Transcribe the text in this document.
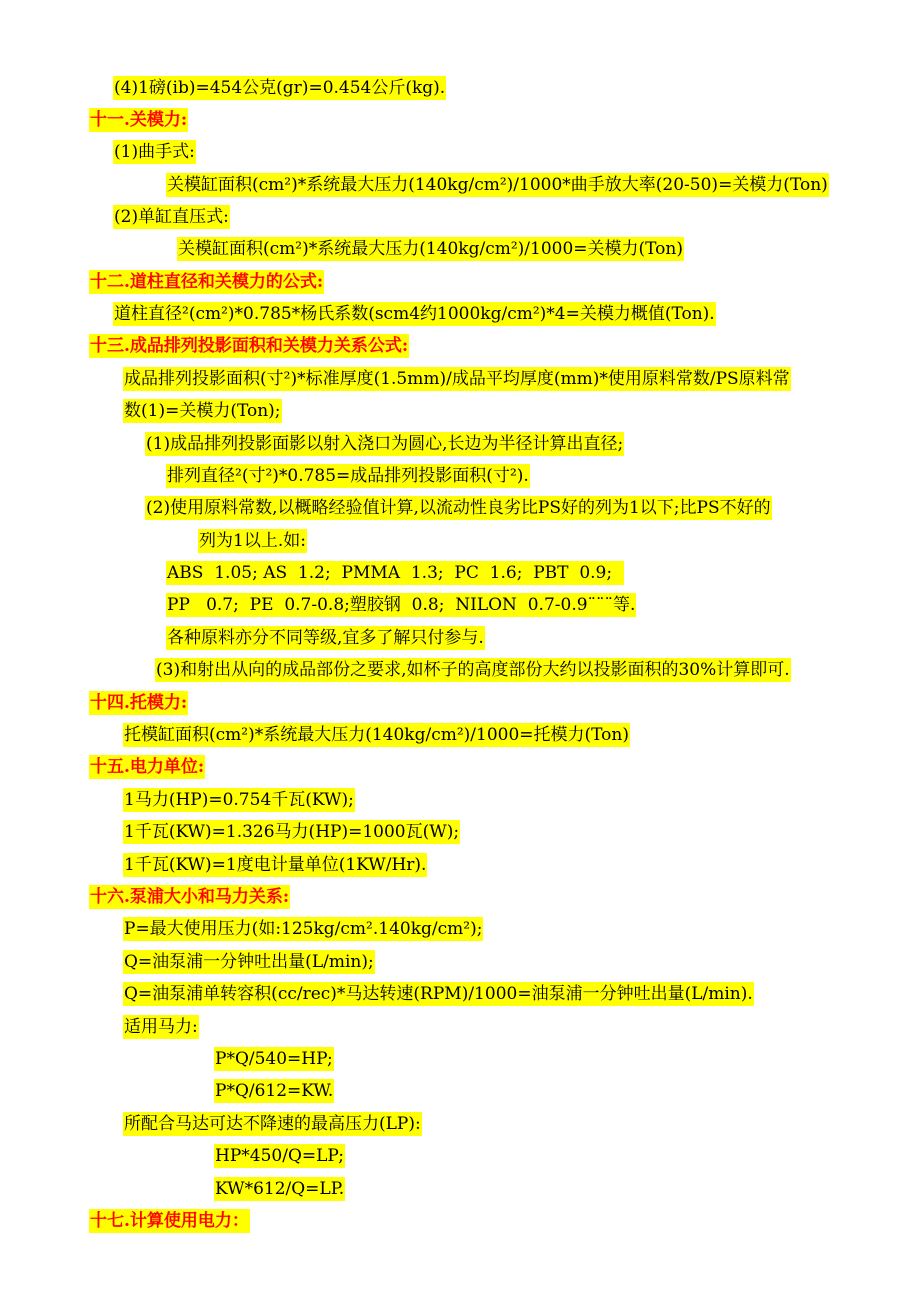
(4)1磅(ib)=454公克(gr)=0.454公斤(kg).
十一.关模力:
(1)曲手式:
关模缸面积(cm²)*系统最大压力(140kg/cm²)/1000*曲手放大率(20-50)=关模力(Ton)
(2)单缸直压式:
关模缸面积(cm²)*系统最大压力(140kg/cm²)/1000=关模力(Ton)
十二.道柱直径和关模力的公式:
道柱直径²(cm²)*0.785*杨氏系数(scm4约1000kg/cm²)*4=关模力概值(Ton).
十三.成品排列投影面积和关模力关系公式:
成品排列投影面积(寸²)*标准厚度(1.5mm)/成品平均厚度(mm)*使用原料常数/PS原料常
数(1)=关模力(Ton);
(1)成品排列投影面影以射入浇口为圆心,长边为半径计算出直径;
排列直径²(寸²)*0.785=成品排列投影面积(寸²).
(2)使用原料常数,以概略经验值计算,以流动性良劣比PS好的列为1以下;比PS不好的
列为1以上.如:
ABS  1.05; AS  1.2;  PMMA  1.3;  PC  1.6;  PBT  0.9;
PP   0.7;  PE  0.7-0.8;塑胶钢  0.8;  NILON  0.7-0.9¨¨¨等.
各种原料亦分不同等级,宜多了解只付参与.
(3)和射出从向的成品部份之要求,如杯子的高度部份大约以投影面积的30%计算即可.
十四.托模力:
托模缸面积(cm²)*系统最大压力(140kg/cm²)/1000=托模力(Ton)
十五.电力单位:
1马力(HP)=0.754千瓦(KW);
1千瓦(KW)=1.326马力(HP)=1000瓦(W);
1千瓦(KW)=1度电计量单位(1KW/Hr).
十六.泵浦大小和马力关系:
P=最大使用压力(如:125kg/cm².140kg/cm²);
Q=油泵浦一分钟吐出量(L/min);
Q=油泵浦单转容积(cc/rec)*马达转速(RPM)/1000=油泵浦一分钟吐出量(L/min).
适用马力:
P*Q/540=HP;
P*Q/612=KW.
所配合马达可达不降速的最高压力(LP):
HP*450/Q=LP;
KW*612/Q=LP.
十七.计算使用电力：
